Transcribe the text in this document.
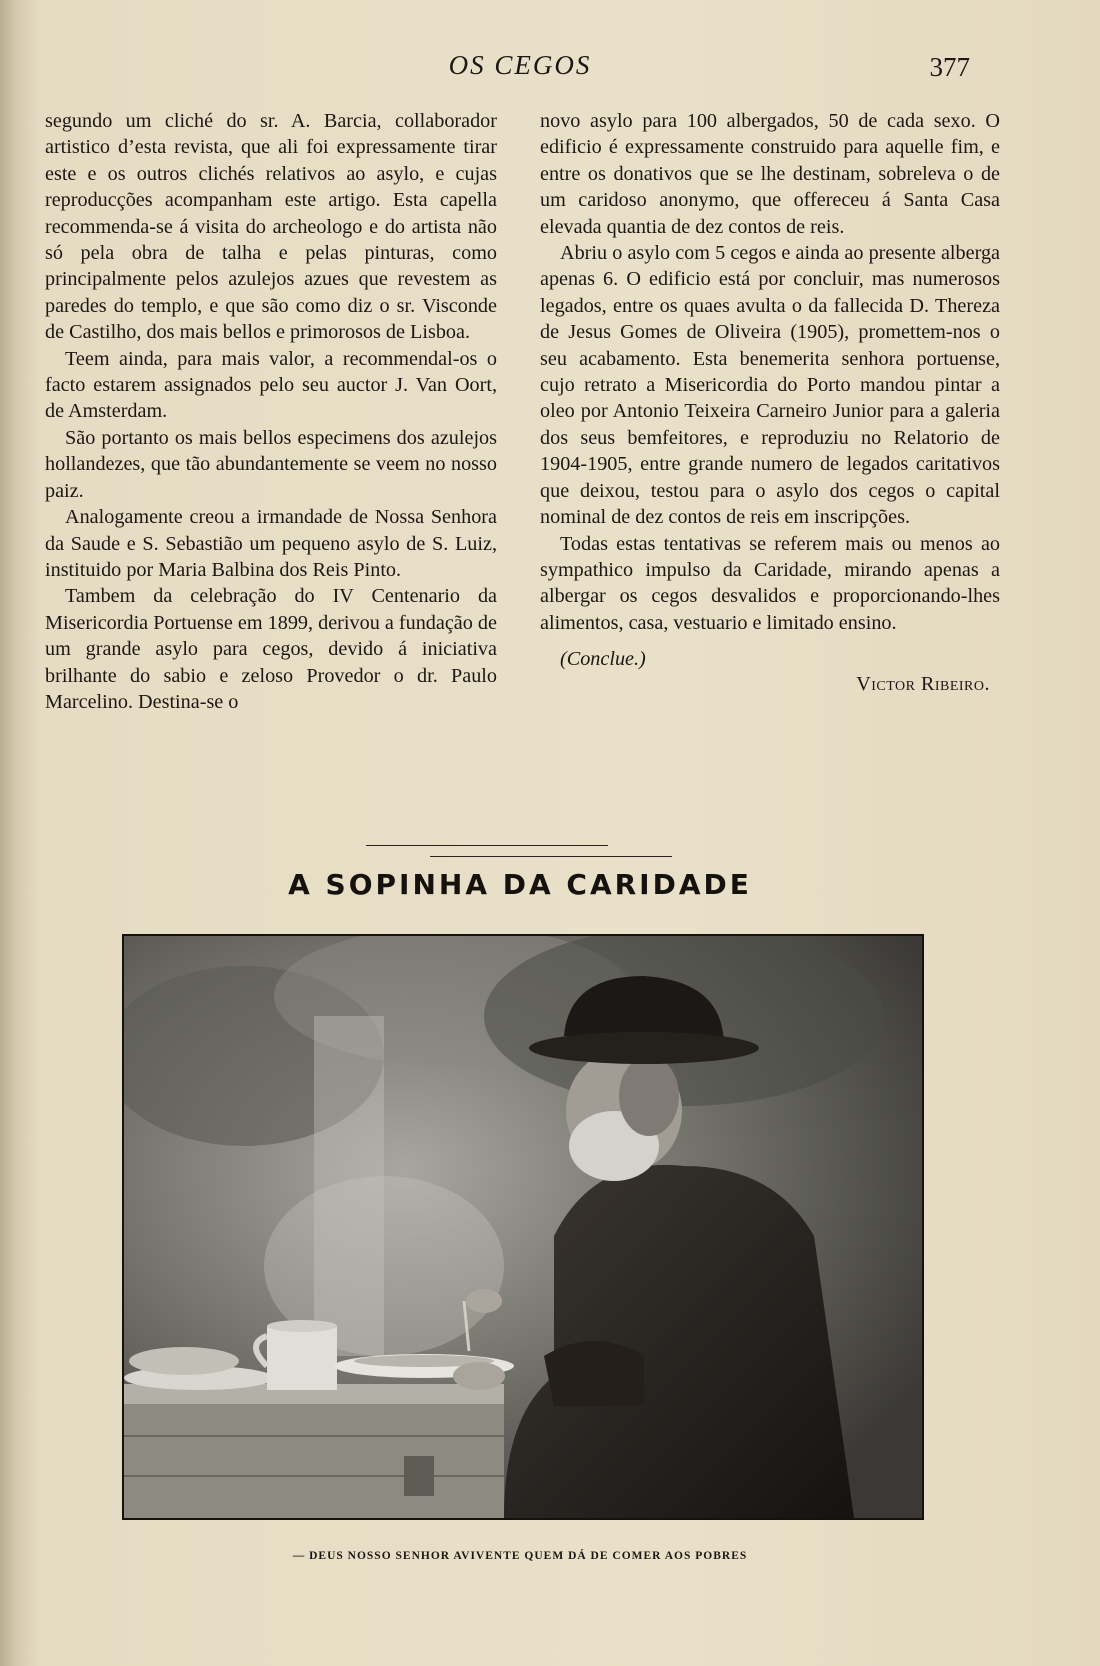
OS CEGOS	377

segundo um cliché do sr. A. Barcia, collaborador artistico d’esta revista, que ali foi expressamente tirar este e os outros clichés relativos ao asylo, e cujas reproducções acompanham este artigo. Esta capella recommenda-se á visita do archeologo e do artista não só pela obra de talha e pelas pinturas, como principalmente pelos azulejos azues que revestem as paredes do templo, e que são como diz o sr. Visconde de Castilho, dos mais bellos e primorosos de Lisboa.

Teem ainda, para mais valor, a recommendal-os o facto estarem assignados pelo seu auctor J. Van Oort, de Amsterdam.

São portanto os mais bellos especimens dos azulejos hollandezes, que tão abundantemente se veem no nosso paiz.

Analogamente creou a irmandade de Nossa Senhora da Saude e S. Sebastião um pequeno asylo de S. Luiz, instituido por Maria Balbina dos Reis Pinto.

Tambem da celebração do IV Centenario da Misericordia Portuense em 1899, derivou a fundação de um grande asylo para cegos, devido á iniciativa brilhante do sabio e zeloso Provedor o dr. Paulo Marcelino. Destina-se o

novo asylo para 100 albergados, 50 de cada sexo. O edificio é expressamente construido para aquelle fim, e entre os donativos que se lhe destinam, sobreleva o de um caridoso anonymo, que offereceu á Santa Casa elevada quantia de dez contos de reis.

Abriu o asylo com 5 cegos e ainda ao presente alberga apenas 6. O edificio está por concluir, mas numerosos legados, entre os quaes avulta o da fallecida D. Thereza de Jesus Gomes de Oliveira (1905), promettem-nos o seu acabamento. Esta benemerita senhora portuense, cujo retrato a Misericordia do Porto mandou pintar a oleo por Antonio Teixeira Carneiro Junior para a galeria dos seus bemfeitores, e reproduziu no Relatorio de 1904-1905, entre grande numero de legados caritativos que deixou, testou para o asylo dos cegos o capital nominal de dez contos de reis em inscripções.

Todas estas tentativas se referem mais ou menos ao sympathico impulso da Caridade, mirando apenas a albergar os cegos desvalidos e proporcionando-lhes alimentos, casa, vestuario e limitado ensino.

(Conclue.)

Victor Ribeiro.

A SOPINHA DA CARIDADE
— DEUS NOSSO SENHOR AVIVENTE QUEM DÁ DE COMER AOS POBRES
